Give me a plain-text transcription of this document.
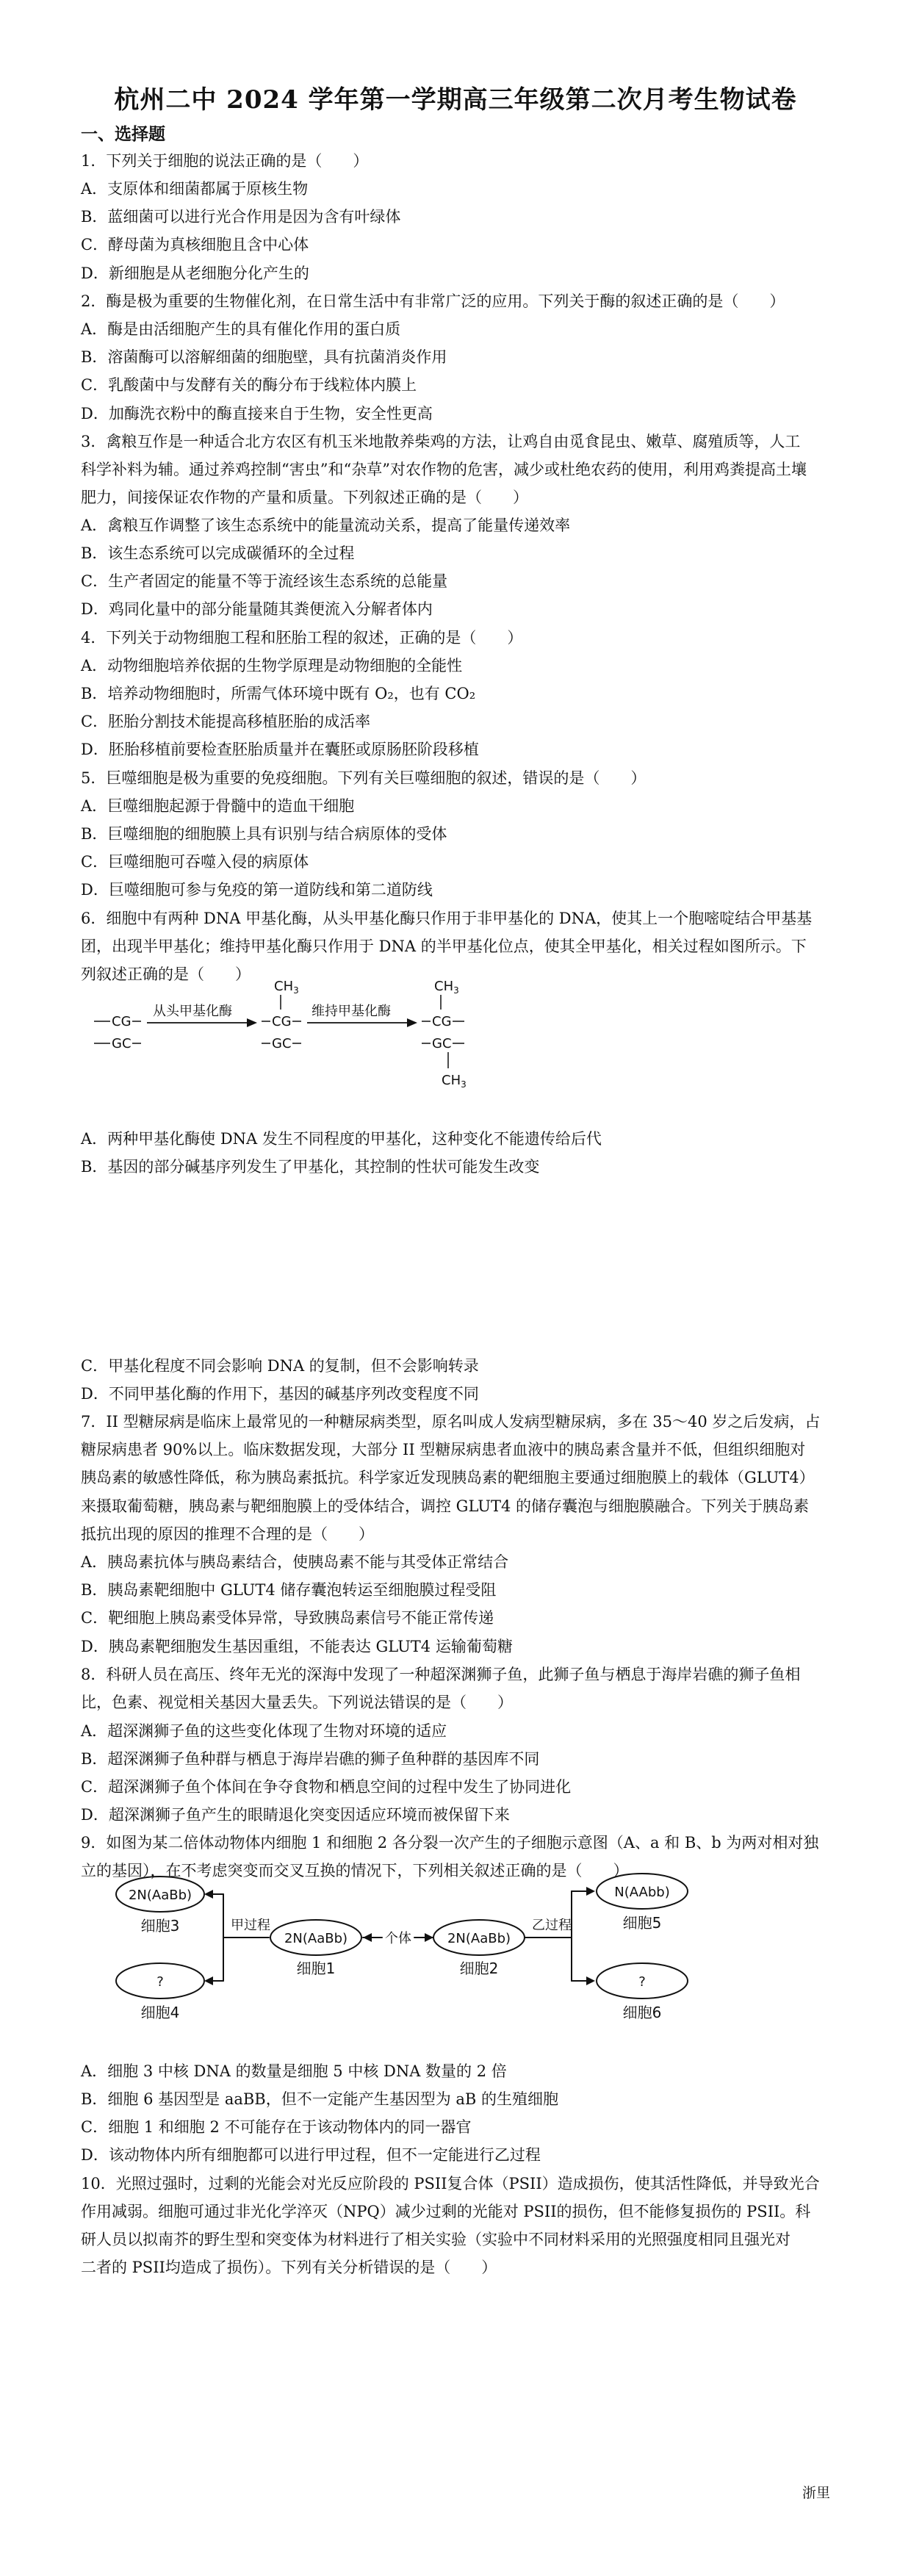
杭州二中 2024 学年第一学期高三年级第二次月考生物试卷
一、选择题
1．下列关于细胞的说法正确的是（　　）
A．支原体和细菌都属于原核生物
B．蓝细菌可以进行光合作用是因为含有叶绿体
C．酵母菌为真核细胞且含中心体
D．新细胞是从老细胞分化产生的
2．酶是极为重要的生物催化剂，在日常生活中有非常广泛的应用。下列关于酶的叙述正确的是（　　）
A．酶是由活细胞产生的具有催化作用的蛋白质
B．溶菌酶可以溶解细菌的细胞壁，具有抗菌消炎作用
C．乳酸菌中与发酵有关的酶分布于线粒体内膜上
D．加酶洗衣粉中的酶直接来自于生物，安全性更高
3．禽粮互作是一种适合北方农区有机玉米地散养柴鸡的方法，让鸡自由觅食昆虫、嫩草、腐殖质等，人工
科学补料为辅。通过养鸡控制“害虫”和“杂草”对农作物的危害，减少或杜绝农药的使用，利用鸡粪提高土壤
肥力，间接保证农作物的产量和质量。下列叙述正确的是（　　）
A．禽粮互作调整了该生态系统中的能量流动关系，提高了能量传递效率
B．该生态系统可以完成碳循环的全过程
C．生产者固定的能量不等于流经该生态系统的总能量
D．鸡同化量中的部分能量随其粪便流入分解者体内
4．下列关于动物细胞工程和胚胎工程的叙述，正确的是（　　）
A．动物细胞培养依据的生物学原理是动物细胞的全能性
B．培养动物细胞时，所需气体环境中既有 O₂，也有 CO₂
C．胚胎分割技术能提高移植胚胎的成活率
D．胚胎移植前要检查胚胎质量并在囊胚或原肠胚阶段移植
5．巨噬细胞是极为重要的免疫细胞。下列有关巨噬细胞的叙述，错误的是（　　）
A．巨噬细胞起源于骨髓中的造血干细胞
B．巨噬细胞的细胞膜上具有识别与结合病原体的受体
C．巨噬细胞可吞噬入侵的病原体
D．巨噬细胞可参与免疫的第一道防线和第二道防线
6．细胞中有两种 DNA 甲基化酶，从头甲基化酶只作用于非甲基化的 DNA，使其上一个胞嘧啶结合甲基基
团，出现半甲基化；维持甲基化酶只作用于 DNA 的半甲基化位点，使其全甲基化，相关过程如图所示。下
列叙述正确的是（　　）
A．两种甲基化酶使 DNA 发生不同程度的甲基化，这种变化不能遗传给后代
B．基因的部分碱基序列发生了甲基化，其控制的性状可能发生改变
C．甲基化程度不同会影响 DNA 的复制，但不会影响转录
D．不同甲基化酶的作用下，基因的碱基序列改变程度不同
7．II 型糖尿病是临床上最常见的一种糖尿病类型，原名叫成人发病型糖尿病，多在 35～40 岁之后发病，占
糖尿病患者 90%以上。临床数据发现，大部分 II 型糖尿病患者血液中的胰岛素含量并不低，但组织细胞对
胰岛素的敏感性降低，称为胰岛素抵抗。科学家近发现胰岛素的靶细胞主要通过细胞膜上的载体（GLUT4）
来摄取葡萄糖，胰岛素与靶细胞膜上的受体结合，调控 GLUT4 的储存囊泡与细胞膜融合。下列关于胰岛素
抵抗出现的原因的推理不合理的是（　　）
A．胰岛素抗体与胰岛素结合，使胰岛素不能与其受体正常结合
B．胰岛素靶细胞中 GLUT4 储存囊泡转运至细胞膜过程受阻
C．靶细胞上胰岛素受体异常，导致胰岛素信号不能正常传递
D．胰岛素靶细胞发生基因重组，不能表达 GLUT4 运输葡萄糖
8．科研人员在高压、终年无光的深海中发现了一种超深渊狮子鱼，此狮子鱼与栖息于海岸岩礁的狮子鱼相
比，色素、视觉相关基因大量丢失。下列说法错误的是（　　）
A．超深渊狮子鱼的这些变化体现了生物对环境的适应
B．超深渊狮子鱼种群与栖息于海岸岩礁的狮子鱼种群的基因库不同
C．超深渊狮子鱼个体间在争夺食物和栖息空间的过程中发生了协同进化
D．超深渊狮子鱼产生的眼睛退化突变因适应环境而被保留下来
9．如图为某二倍体动物体内细胞 1 和细胞 2 各分裂一次产生的子细胞示意图（A、a 和 B、b 为两对相对独
立的基因），在不考虑突变而交叉互换的情况下，下列相关叙述正确的是（　　）
A．细胞 3 中核 DNA 的数量是细胞 5 中核 DNA 数量的 2 倍
B．细胞 6 基因型是 aaBB，但不一定能产生基因型为 aB 的生殖细胞
C．细胞 1 和细胞 2 不可能存在于该动物体内的同一器官
D．该动物体内所有细胞都可以进行甲过程，但不一定能进行乙过程
10．光照过强时，过剩的光能会对光反应阶段的 PSII复合体（PSII）造成损伤，使其活性降低，并导致光合
作用减弱。细胞可通过非光化学淬灭（NPQ）减少过剩的光能对 PSII的损伤，但不能修复损伤的 PSII。科
研人员以拟南芥的野生型和突变体为材料进行了相关实验（实验中不同材料采用的光照强度相同且强光对
二者的 PSII均造成了损伤）。下列有关分析错误的是（　　）
CG
GC
从头甲基化酶
$CH_3$
CG
GC
维持甲基化酶
$CH_3$
CG
GC
$CH_3$
2N(AaBb)
细胞3
?
细胞4
甲过程
2N(AaBb)
细胞1
个体	2N(AaBb)
细胞2
乙过程
N(AAbb)
细胞5
?
细胞6
浙里
